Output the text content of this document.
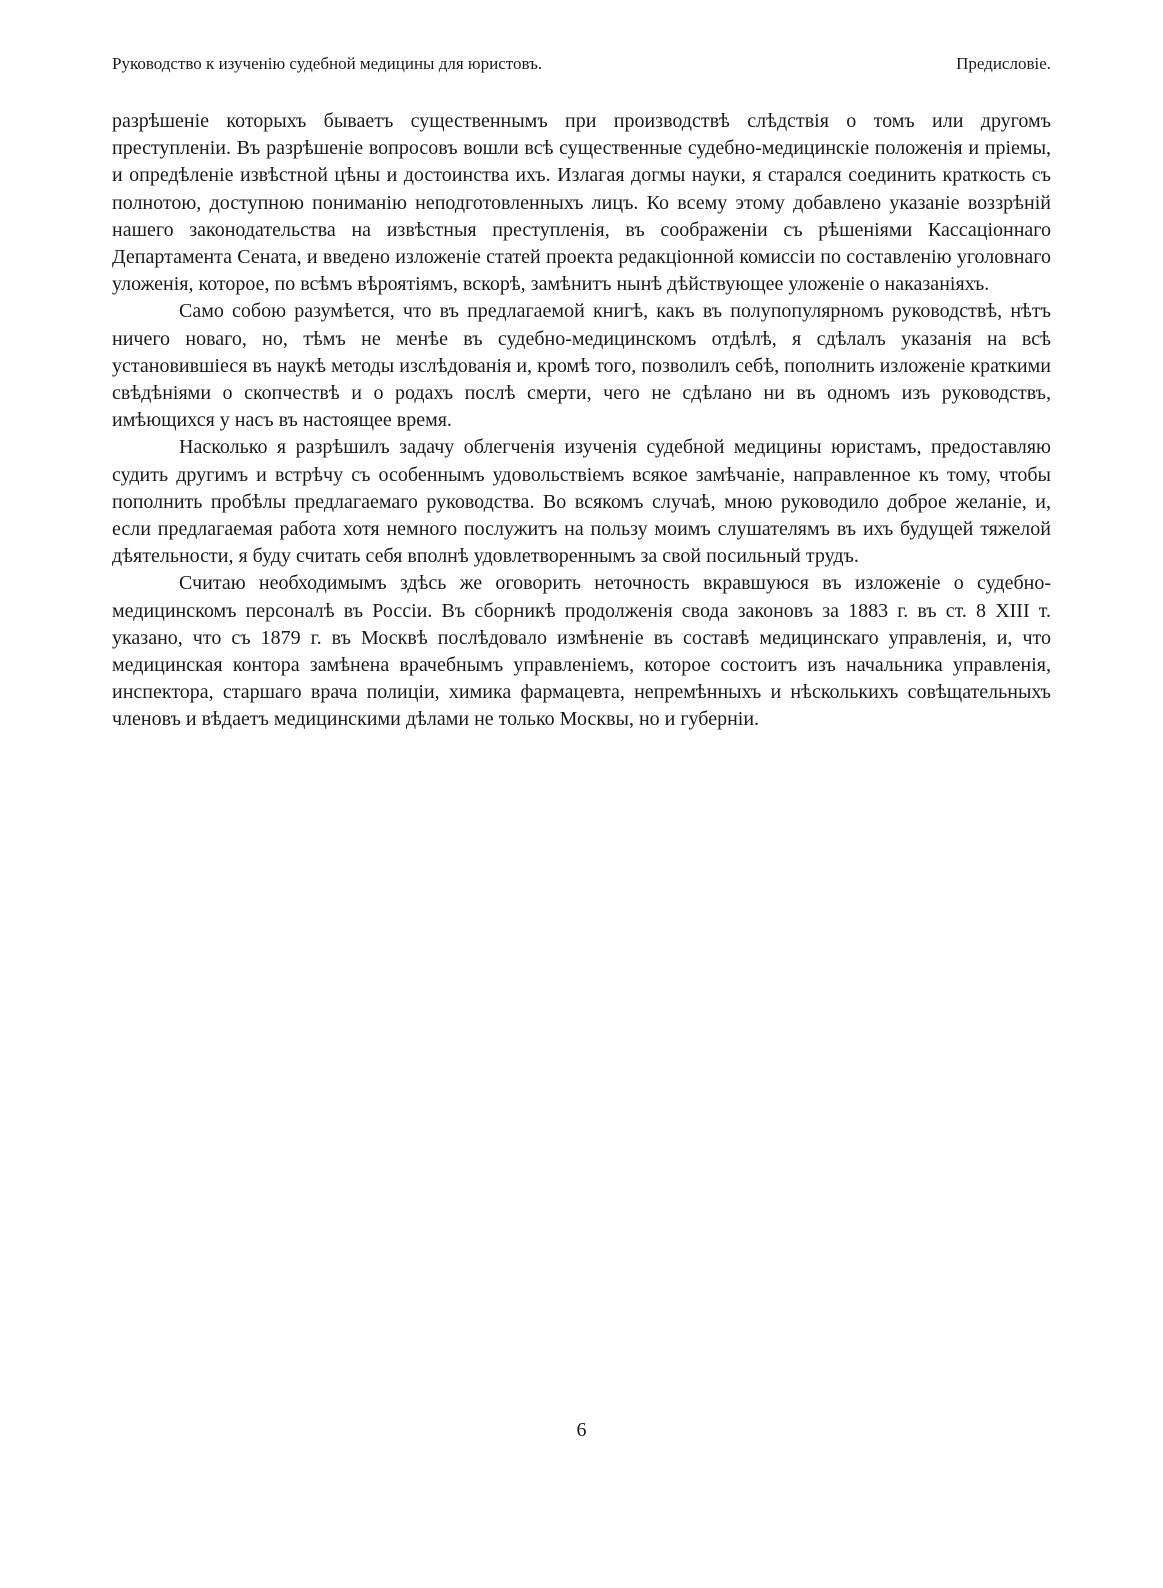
Руководство к изученію судебной медицины для юристовъ.	Предисловіе.

разрѣшеніе которыхъ бываетъ существеннымъ при производствѣ слѣдствія о томъ или другомъ преступленіи. Въ разрѣшеніе вопросовъ вошли всѣ существенные судебно-медицинскіе положенія и пріемы, и опредѣленіе извѣстной цѣны и достоинства ихъ. Излагая догмы науки, я старался соединить краткость съ полнотою, доступною пониманію неподготовленныхъ лицъ. Ко всему этому добавлено указаніе воззрѣній нашего законодательства на извѣстныя преступленія, въ соображеніи съ рѣшеніями Кассаціоннаго Департамента Сената, и введено изложеніе статей проекта редакціонной комиссіи по составленію уголовнаго уложенія, которое, по всѣмъ вѣроятіямъ, вскорѣ, замѣнитъ нынѣ дѣйствующее уложеніе о наказаніяхъ.

Само собою разумѣется, что въ предлагаемой книгѣ, какъ въ полупопулярномъ руководствѣ, нѣтъ ничего новаго, но, тѣмъ не менѣе въ судебно-медицинскомъ отдѣлѣ, я сдѣлалъ указанія на всѣ установившіеся въ наукѣ методы изслѣдованія и, кромѣ того, позволилъ себѣ, пополнить изложеніе краткими свѣдѣніями о скопчествѣ и о родахъ послѣ смерти, чего не сдѣлано ни въ одномъ изъ руководствъ, имѣющихся у насъ въ настоящее время.

Насколько я разрѣшилъ задачу облегченія изученія судебной медицины юристамъ, предоставляю судить другимъ и встрѣчу съ особеннымъ удовольствіемъ всякое замѣчаніе, направленное къ тому, чтобы пополнить пробѣлы предлагаемаго руководства. Во всякомъ случаѣ, мною руководило доброе желаніе, и, если предлагаемая работа хотя немного послужитъ на пользу моимъ слушателямъ въ ихъ будущей тяжелой дѣятельности, я буду считать себя вполнѣ удовлетвореннымъ за свой посильный трудъ.

Считаю необходимымъ здѣсь же оговорить неточность вкравшуюся въ изложеніе о судебно-медицинскомъ персоналѣ въ Россіи. Въ сборникѣ продолженія свода законовъ за 1883 г. въ ст. 8 XIII т. указано, что съ 1879 г. въ Москвѣ послѣдовало измѣненіе въ составѣ медицинскаго управленія, и, что медицинская контора замѣнена врачебнымъ управленіемъ, которое состоитъ изъ начальника управленія, инспектора, старшаго врача полиціи, химика фармацевта, непремѣнныхъ и нѣсколькихъ совѣщательныхъ членовъ и вѣдаетъ медицинскими дѣлами не только Москвы, но и губерніи.

6
